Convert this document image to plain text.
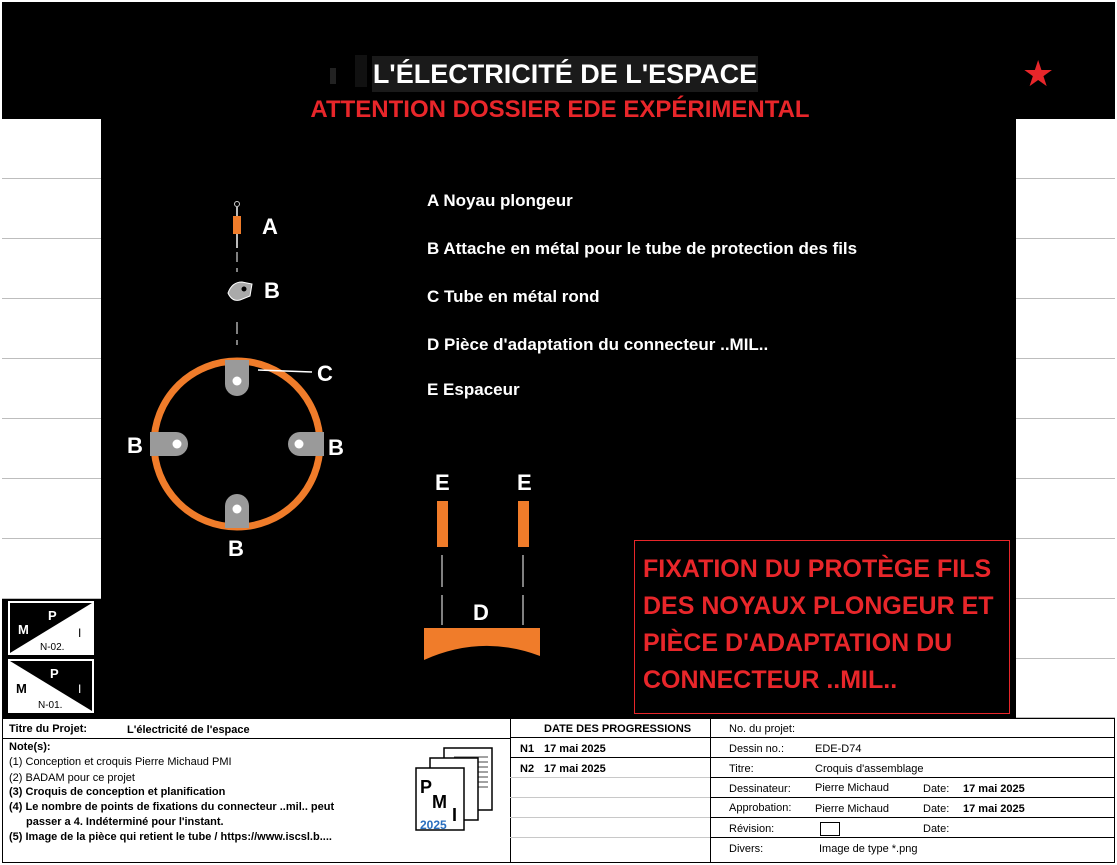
L'ÉLECTRICITÉ DE L'ESPACE
ATTENTION DOSSIER EDE EXPÉRIMENTAL
★
A
B
C
B	B
B
E	E
D
A Noyau plongeur
B Attache en métal pour le tube de protection des fils
C Tube en métal rond
D Pièce d'adaptation du connecteur ..MIL..
E Espaceur
FIXATION DU PROTÈGE FILS
DES NOYAUX PLONGEUR ET
PIÈCE D'ADAPTATION DU
CONNECTEUR ..MIL..
M
P
I
N-02.
M
P
I
N-01.
Titre du Projet:	L'électricité de l'espace
Note(s):
(1) Conception et croquis Pierre Michaud PMI
(2) BADAM pour ce projet
(3) Croquis de conception et planification
(4) Le nombre de points de fixations du connecteur ..mil.. peut
passer a 4. Indéterminé pour l'instant.
(5) Image de la pièce qui retient le tube / https://www.iscsl.b....
P
M
I
2025
DATE DES PROGRESSIONS
N1 17 mai 2025
N2 17 mai 2025
No. du projet:
Dessin no.:	EDE-D74
Titre:	Croquis d'assemblage
Dessinateur: Pierre Michaud	Date: 17 mai 2025
Approbation: Pierre Michaud	Date: 17 mai 2025
Révision:	Date:
Divers:	Image de type *.png
